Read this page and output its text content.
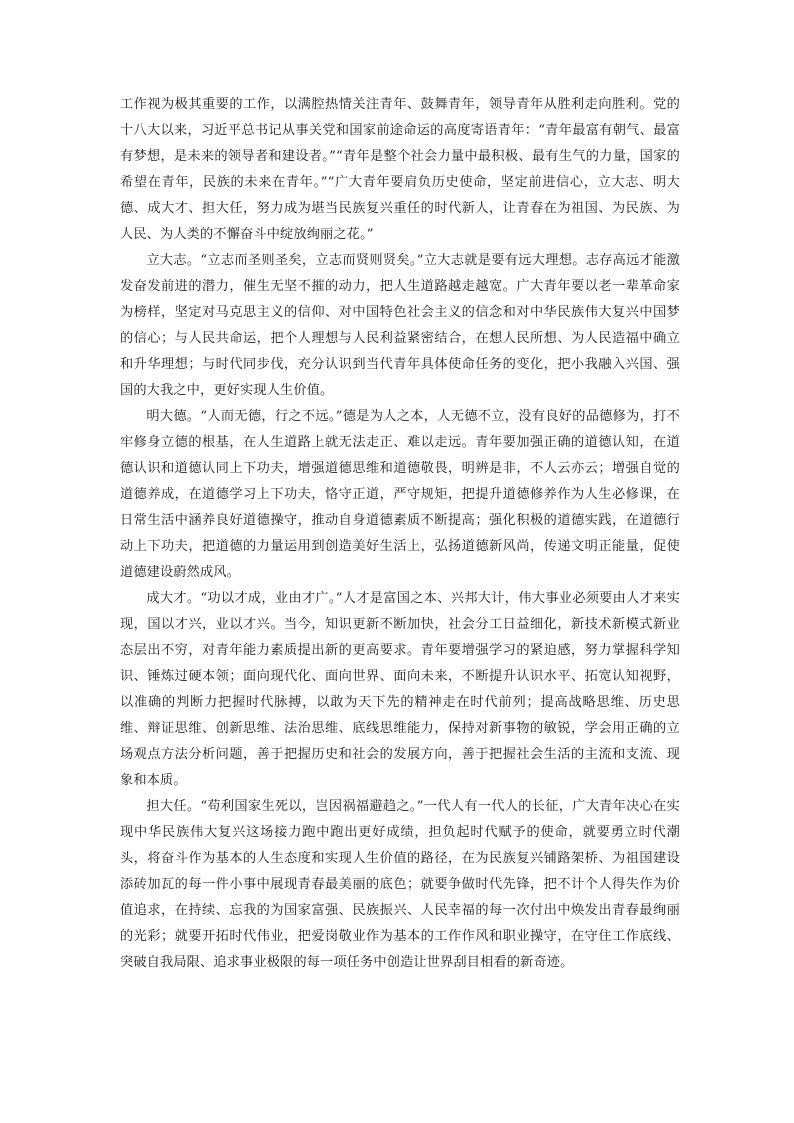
工作视为极其重要的工作，以满腔热情关注青年、鼓舞青年，领导青年从胜利走向胜利。党的十八大以来，习近平总书记从事关党和国家前途命运的高度寄语青年：“青年最富有朝气、最富有梦想，是未来的领导者和建设者。”“青年是整个社会力量中最积极、最有生气的力量，国家的希望在青年，民族的未来在青年。”“广大青年要肩负历史使命，坚定前进信心，立大志、明大德、成大才、担大任，努力成为堪当民族复兴重任的时代新人，让青春在为祖国、为民族、为人民、为人类的不懈奋斗中绽放绚丽之花。”

立大志。“立志而圣则圣矣，立志而贤则贤矣。”立大志就是要有远大理想。志存高远才能激发奋发前进的潜力，催生无坚不摧的动力，把人生道路越走越宽。广大青年要以老一辈革命家为榜样，坚定对马克思主义的信仰、对中国特色社会主义的信念和对中华民族伟大复兴中国梦的信心；与人民共命运，把个人理想与人民利益紧密结合，在想人民所想、为人民造福中确立和升华理想；与时代同步伐，充分认识到当代青年具体使命任务的变化，把小我融入兴国、强国的大我之中，更好实现人生价值。

明大德。“人而无德，行之不远。”德是为人之本，人无德不立，没有良好的品德修为，打不牢修身立德的根基，在人生道路上就无法走正、难以走远。青年要加强正确的道德认知，在道德认识和道德认同上下功夫，增强道德思维和道德敬畏，明辨是非，不人云亦云；增强自觉的道德养成，在道德学习上下功夫，恪守正道，严守规矩，把提升道德修养作为人生必修课，在日常生活中涵养良好道德操守，推动自身道德素质不断提高；强化积极的道德实践，在道德行动上下功夫，把道德的力量运用到创造美好生活上，弘扬道德新风尚，传递文明正能量，促使道德建设蔚然成风。

成大才。“功以才成，业由才广。”人才是富国之本、兴邦大计，伟大事业必须要由人才来实现，国以才兴，业以才兴。当今，知识更新不断加快，社会分工日益细化，新技术新模式新业态层出不穷，对青年能力素质提出新的更高要求。青年要增强学习的紧迫感，努力掌握科学知识、锤炼过硬本领；面向现代化、面向世界、面向未来，不断提升认识水平、拓宽认知视野，以准确的判断力把握时代脉搏，以敢为天下先的精神走在时代前列；提高战略思维、历史思维、辩证思维、创新思维、法治思维、底线思维能力，保持对新事物的敏锐，学会用正确的立场观点方法分析问题，善于把握历史和社会的发展方向，善于把握社会生活的主流和支流、现象和本质。

担大任。“苟利国家生死以，岂因祸福避趋之。”一代人有一代人的长征，广大青年决心在实现中华民族伟大复兴这场接力跑中跑出更好成绩，担负起时代赋予的使命，就要勇立时代潮头，将奋斗作为基本的人生态度和实现人生价值的路径，在为民族复兴铺路架桥、为祖国建设添砖加瓦的每一件小事中展现青春最美丽的底色；就要争做时代先锋，把不计个人得失作为价值追求，在持续、忘我的为国家富强、民族振兴、人民幸福的每一次付出中焕发出青春最绚丽的光彩；就要开拓时代伟业，把爱岗敬业作为基本的工作作风和职业操守，在守住工作底线、突破自我局限、追求事业极限的每一项任务中创造让世界刮目相看的新奇迹。
